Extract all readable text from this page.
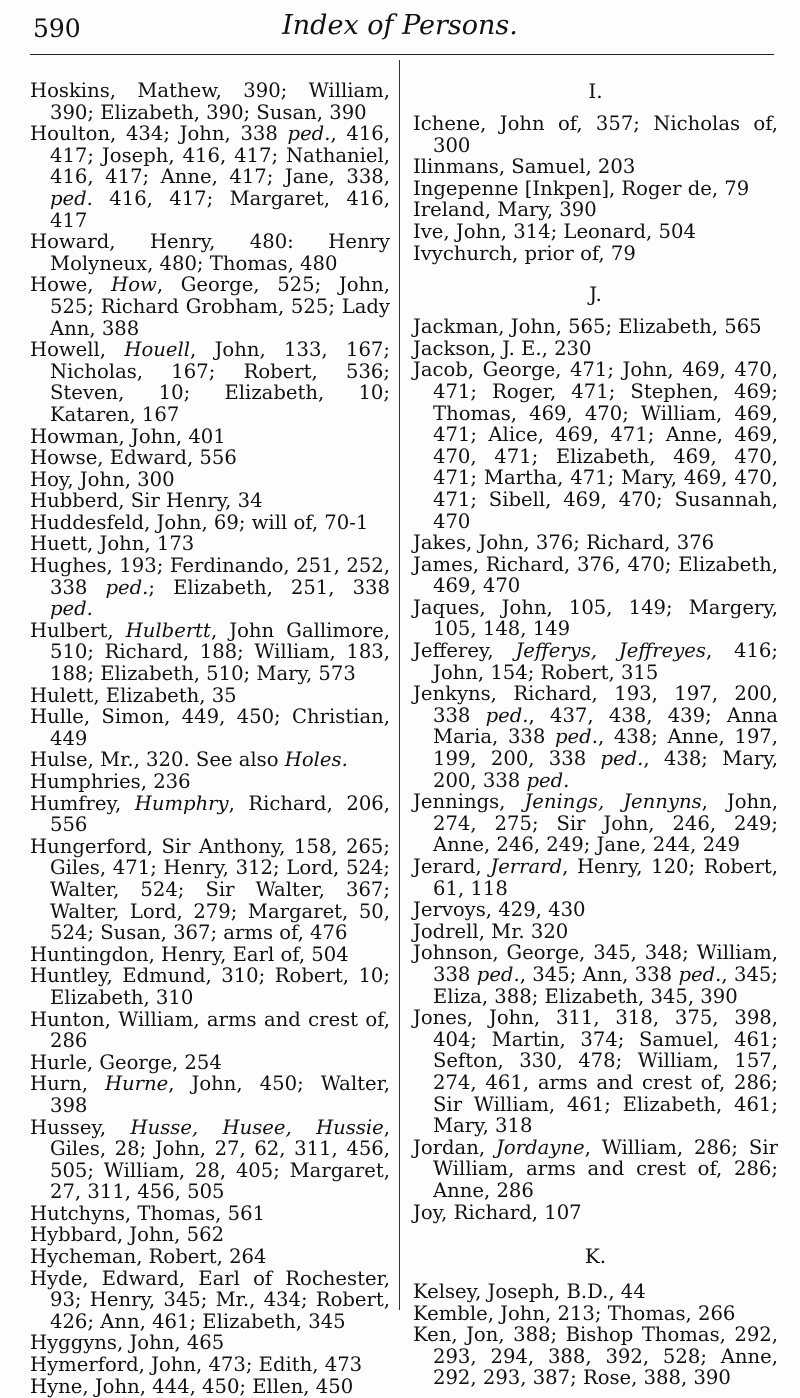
590	Index of Persons.
Hoskins, Mathew, 390; William, 390; Elizabeth, 390; Susan, 390
Houlton, 434; John, 338 ped., 416, 417; Joseph, 416, 417; Nathaniel, 416, 417; Anne, 417; Jane, 338, ped. 416, 417; Margaret, 416, 417
Howard, Henry, 480: Henry Molyneux, 480; Thomas, 480
Howe, How, George, 525; John, 525; Richard Grobham, 525; Lady Ann, 388
Howell, Houell, John, 133, 167; Nicholas, 167; Robert, 536; Steven, 10; Elizabeth, 10; Kataren, 167
Howman, John, 401
Howse, Edward, 556
Hoy, John, 300
Hubberd, Sir Henry, 34
Huddesfeld, John, 69; will of, 70-1
Huett, John, 173
Hughes, 193; Ferdinando, 251, 252, 338 ped.; Elizabeth, 251, 338 ped.
Hulbert, Hulbertt, John Gallimore, 510; Richard, 188; William, 183, 188; Elizabeth, 510; Mary, 573
Hulett, Elizabeth, 35
Hulle, Simon, 449, 450; Christian, 449
Hulse, Mr., 320. See also Holes.
Humphries, 236
Humfrey, Humphry, Richard, 206, 556
Hungerford, Sir Anthony, 158, 265; Giles, 471; Henry, 312; Lord, 524; Walter, 524; Sir Walter, 367; Walter, Lord, 279; Margaret, 50, 524; Susan, 367; arms of, 476
Huntingdon, Henry, Earl of, 504
Huntley, Edmund, 310; Robert, 10; Elizabeth, 310
Hunton, William, arms and crest of, 286
Hurle, George, 254
Hurn, Hurne, John, 450; Walter, 398
Hussey, Husse, Husee, Hussie, Giles, 28; John, 27, 62, 311, 456, 505; William, 28, 405; Margaret, 27, 311, 456, 505
Hutchyns, Thomas, 561
Hybbard, John, 562
Hycheman, Robert, 264
Hyde, Edward, Earl of Rochester, 93; Henry, 345; Mr., 434; Robert, 426; Ann, 461; Elizabeth, 345
Hyggyns, John, 465
Hymerford, John, 473; Edith, 473
Hyne, John, 444, 450; Ellen, 450
I.
Ichene, John of, 357; Nicholas of, 300
Ilinmans, Samuel, 203
Ingepenne [Inkpen], Roger de, 79
Ireland, Mary, 390
Ive, John, 314; Leonard, 504
Ivychurch, prior of, 79
J.
Jackman, John, 565; Elizabeth, 565
Jackson, J. E., 230
Jacob, George, 471; John, 469, 470, 471; Roger, 471; Stephen, 469; Thomas, 469, 470; William, 469, 471; Alice, 469, 471; Anne, 469, 470, 471; Elizabeth, 469, 470, 471; Martha, 471; Mary, 469, 470, 471; Sibell, 469, 470; Susannah, 470
Jakes, John, 376; Richard, 376
James, Richard, 376, 470; Elizabeth, 469, 470
Jaques, John, 105, 149; Margery, 105, 148, 149
Jefferey, Jefferys, Jeffreyes, 416; John, 154; Robert, 315
Jenkyns, Richard, 193, 197, 200, 338 ped., 437, 438, 439; Anna Maria, 338 ped., 438; Anne, 197, 199, 200, 338 ped., 438; Mary, 200, 338 ped.
Jennings, Jenings, Jennyns, John, 274, 275; Sir John, 246, 249; Anne, 246, 249; Jane, 244, 249
Jerard, Jerrard, Henry, 120; Robert, 61, 118
Jervoys, 429, 430
Jodrell, Mr. 320
Johnson, George, 345, 348; William, 338 ped., 345; Ann, 338 ped., 345; Eliza, 388; Elizabeth, 345, 390
Jones, John, 311, 318, 375, 398, 404; Martin, 374; Samuel, 461; Sefton, 330, 478; William, 157, 274, 461, arms and crest of, 286; Sir William, 461; Elizabeth, 461; Mary, 318
Jordan, Jordayne, William, 286; Sir William, arms and crest of, 286; Anne, 286
Joy, Richard, 107
K.
Kelsey, Joseph, B.D., 44
Kemble, John, 213; Thomas, 266
Ken, Jon, 388; Bishop Thomas, 292, 293, 294, 388, 392, 528; Anne, 292, 293, 387; Rose, 388, 390
